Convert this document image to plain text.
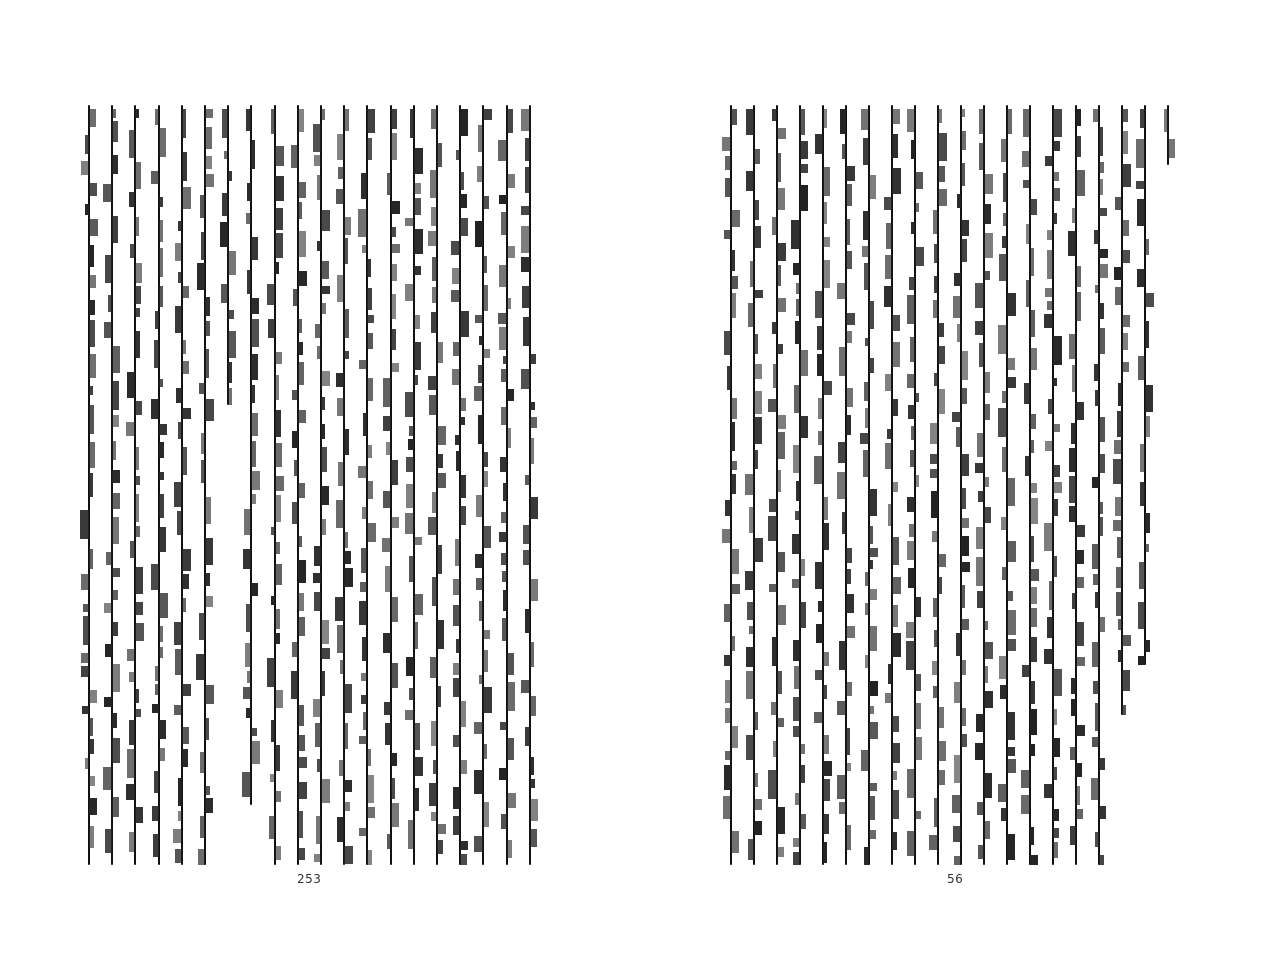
253	56
